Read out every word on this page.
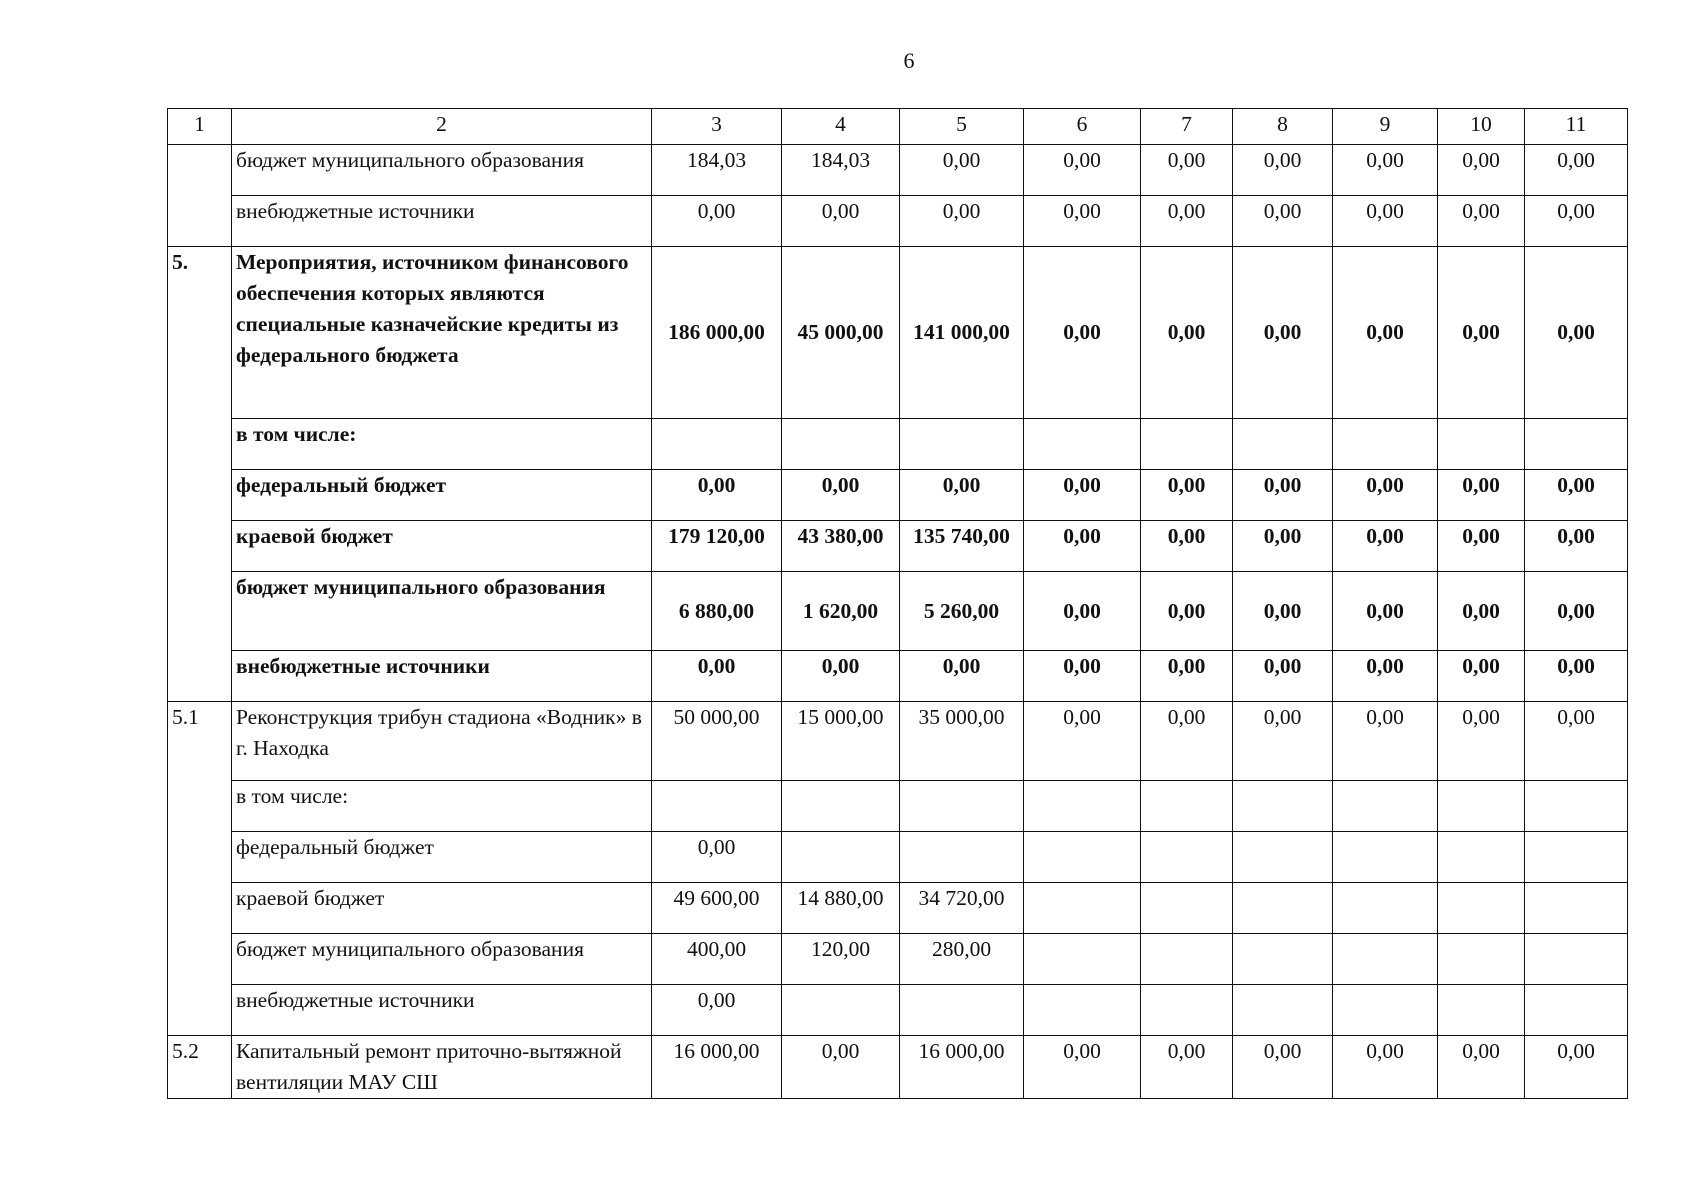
6
1	2	3	4	5	6	7	8	9	10	11
	бюджет муниципального образования	184,03	184,03	0,00	0,00	0,00	0,00	0,00	0,00	0,00
	внебюджетные источники	0,00	0,00	0,00	0,00	0,00	0,00	0,00	0,00	0,00
5.	Мероприятия, источником финансового обеспечения которых являются специальные казначейские кредиты из федерального бюджета	186 000,00	45 000,00	141 000,00	0,00	0,00	0,00	0,00	0,00	0,00
	в том числе:									
	федеральный бюджет	0,00	0,00	0,00	0,00	0,00	0,00	0,00	0,00	0,00
	краевой бюджет	179 120,00	43 380,00	135 740,00	0,00	0,00	0,00	0,00	0,00	0,00
	бюджет муниципального образования	6 880,00	1 620,00	5 260,00	0,00	0,00	0,00	0,00	0,00	0,00
	внебюджетные источники	0,00	0,00	0,00	0,00	0,00	0,00	0,00	0,00	0,00
5.1	Реконструкция трибун стадиона «Водник» в г. Находка	50 000,00	15 000,00	35 000,00	0,00	0,00	0,00	0,00	0,00	0,00
	в том числе:									
	федеральный бюджет	0,00								
	краевой бюджет	49 600,00	14 880,00	34 720,00						
	бюджет муниципального образования	400,00	120,00	280,00						
	внебюджетные источники	0,00								
5.2	Капитальный ремонт приточно-вытяжной вентиляции МАУ СШ	16 000,00	0,00	16 000,00	0,00	0,00	0,00	0,00	0,00	0,00
